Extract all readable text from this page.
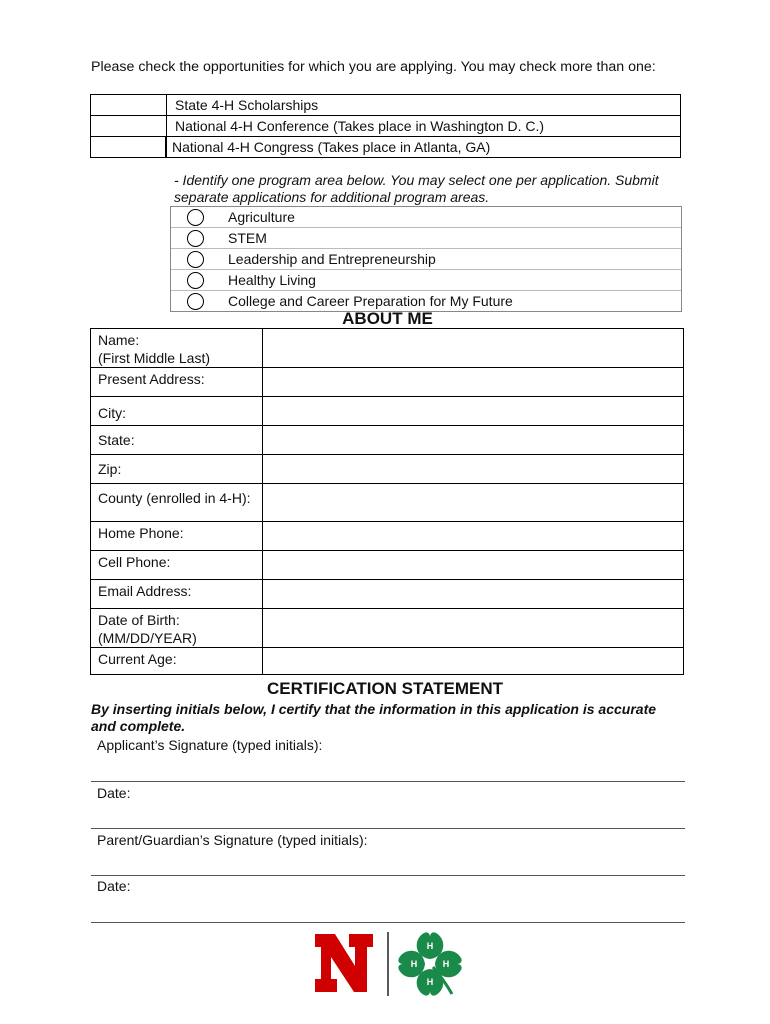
Please check the opportunities for which you are applying. You may check more than one:
State 4-H Scholarships
National 4-H Conference (Takes place in Washington D. C.)
National 4-H Congress (Takes place in Atlanta, GA)
- Identify one program area below. You may select one per application. Submit separate applications for additional program areas.
Agriculture
STEM
Leadership and Entrepreneurship
Healthy Living
College and Career Preparation for My Future
ABOUT ME
Name:
(First Middle Last)	
Present Address:	
City:	
State:	
Zip:	
County (enrolled in 4-H):	
Home Phone:	
Cell Phone:	
Email Address:	
Date of Birth:
(MM/DD/YEAR)	
Current Age:	
CERTIFICATION STATEMENT
By inserting initials below, I certify that the information in this application is accurate and complete.
Applicant’s Signature (typed initials):
Date:
Parent/Guardian’s Signature (typed initials):
Date:
H
H	H
H
